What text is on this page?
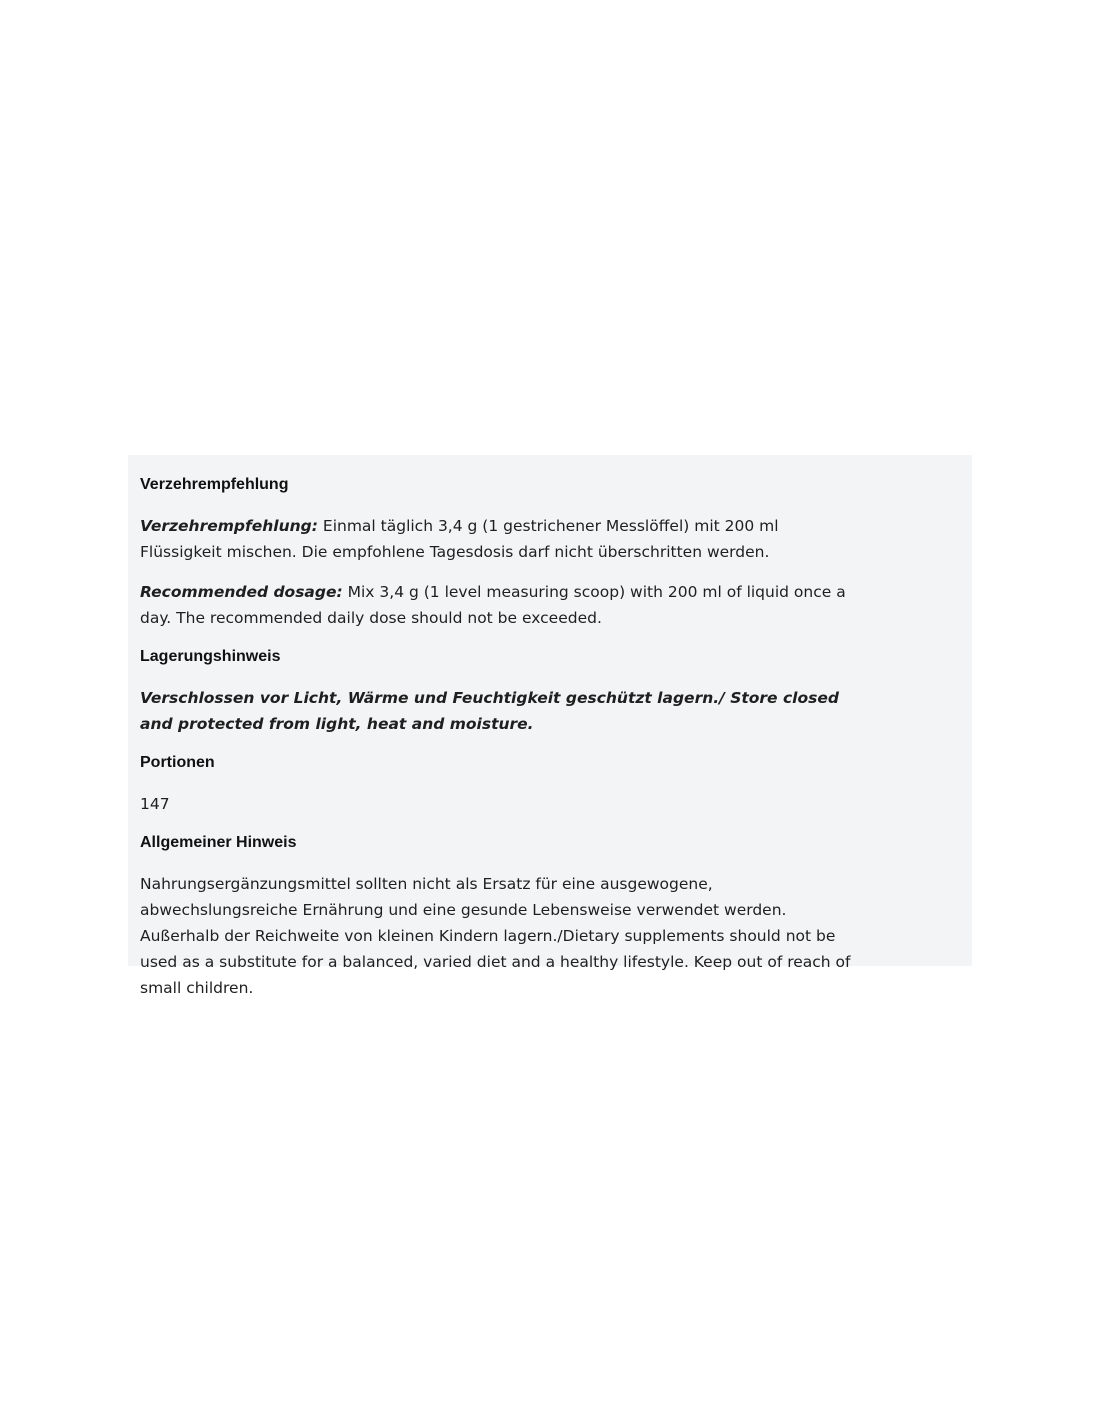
Verzehrempfehlung

Verzehrempfehlung: Einmal täglich 3,4 g (1 gestrichener Messlöffel) mit 200 ml Flüssigkeit mischen. Die empfohlene Tagesdosis darf nicht überschritten werden.

Recommended dosage: Mix 3,4 g (1 level measuring scoop) with 200 ml of liquid once a day. The recommended daily dose should not be exceeded.

Lagerungshinweis

Verschlossen vor Licht, Wärme und Feuchtigkeit geschützt lagern./ Store closed and protected from light, heat and moisture.

Portionen

147

Allgemeiner Hinweis

Nahrungsergänzungsmittel sollten nicht als Ersatz für eine ausgewogene, abwechslungsreiche Ernährung und eine gesunde Lebensweise verwendet werden. Außerhalb der Reichweite von kleinen Kindern lagern./Dietary supplements should not be used as a substitute for a balanced, varied diet and a healthy lifestyle. Keep out of reach of small children.
